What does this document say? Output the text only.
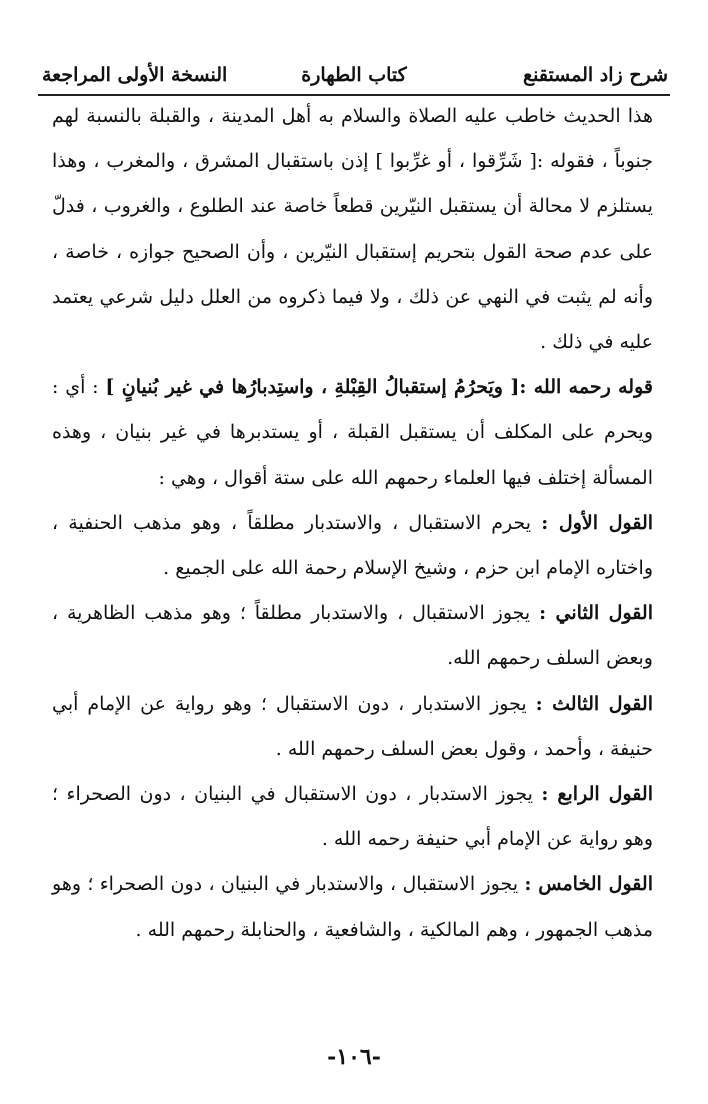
شرح زاد المستقنع
كتاب الطهارة
النسخة الأولى المراجعة

هذا الحديث خاطب عليه الصلاة والسلام به أهل المدينة ، والقبلة بالنسبة لهم جنوباً ، فقوله :[ شَرِّقوا ، أو غرِّبوا ] إذن باستقبال المشرق ، والمغرب ، وهذا يستلزم لا محالة أن يستقبل النيّرين قطعاً خاصة عند الطلوع ، والغروب ، فدلّ على عدم صحة القول بتحريم إستقبال النيّرين ، وأن الصحيح جوازه ، خاصة ، وأنه لم يثبت في النهي عن ذلك ، ولا فيما ذكروه من العلل دليل شرعي يعتمد عليه في ذلك .

قوله رحمه الله :[ ويَحرُمُ إستقبالُ القِبْلةِ ، واستِدبارُها في غير بُنيانٍ ] : أي : ويحرم على المكلف أن يستقبل القبلة ، أو يستدبرها في غير بنيان ، وهذه المسألة إختلف فيها العلماء رحمهم الله على ستة أقوال ، وهي :

القول الأول : يحرم الاستقبال ، والاستدبار مطلقاً ، وهو مذهب الحنفية ، واختاره الإمام ابن حزم ، وشيخ الإسلام رحمة الله على الجميع .

القول الثاني : يجوز الاستقبال ، والاستدبار مطلقاً ؛ وهو مذهب الظاهرية ، وبعض السلف رحمهم الله.

القول الثالث : يجوز الاستدبار ، دون الاستقبال ؛ وهو رواية عن الإمام أبي حنيفة ، وأحمد ، وقول بعض السلف رحمهم الله .

القول الرابع : يجوز الاستدبار ، دون الاستقبال في البنيان ، دون الصحراء ؛ وهو رواية عن الإمام أبي حنيفة رحمه الله .

القول الخامس : يجوز الاستقبال ، والاستدبار في البنيان ، دون الصحراء ؛ وهو مذهب الجمهور ، وهم المالكية ، والشافعية ، والحنابلة رحمهم الله .

-١٠٦-
